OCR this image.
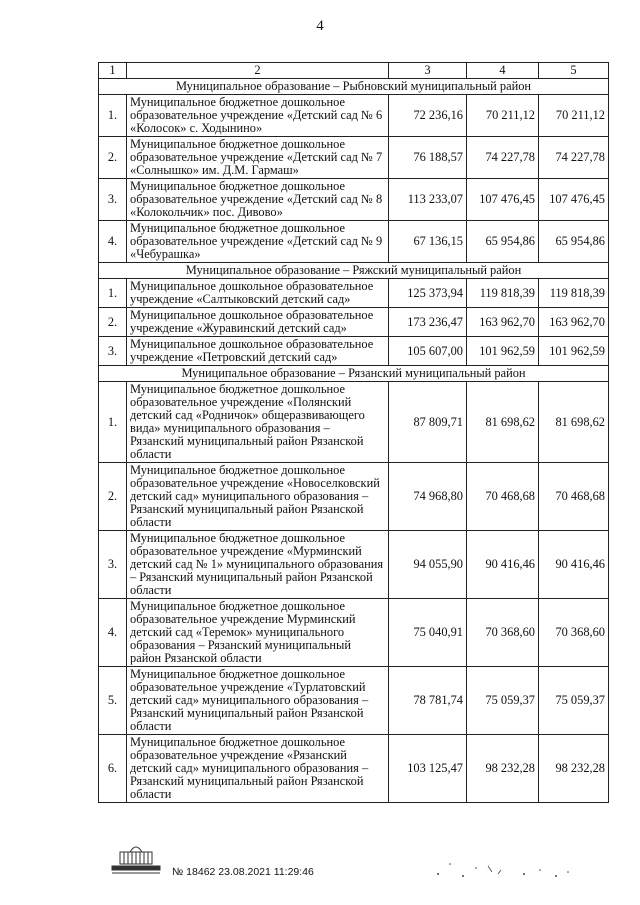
4
1	2	3	4	5
Муниципальное образование – Рыбновский муниципальный район				
1.	Муниципальное бюджетное дошкольное образовательное учреждение «Детский сад № 6 «Колосок» с. Ходынино»	72 236,16	70 211,12	70 211,12
2.	Муниципальное бюджетное дошкольное образовательное учреждение «Детский сад № 7 «Солнышко» им. Д.М. Гармаш»	76 188,57	74 227,78	74 227,78
3.	Муниципальное бюджетное дошкольное образовательное учреждение «Детский сад № 8 «Колокольчик» пос. Дивово»	113 233,07	107 476,45	107 476,45
4.	Муниципальное бюджетное дошкольное образовательное учреждение «Детский сад № 9 «Чебурашка»	67 136,15	65 954,86	65 954,86
Муниципальное образование – Ряжский муниципальный район				
1.	Муниципальное дошкольное образовательное учреждение «Салтыковский детский сад»	125 373,94	119 818,39	119 818,39
2.	Муниципальное дошкольное образовательное учреждение «Журавинский детский сад»	173 236,47	163 962,70	163 962,70
3.	Муниципальное дошкольное образовательное учреждение «Петровский детский сад»	105 607,00	101 962,59	101 962,59
Муниципальное образование – Рязанский муниципальный район				
1.	Муниципальное бюджетное дошкольное образовательное учреждение «Полянский детский сад «Родничок» общеразвивающего вида» муниципального образования – Рязанский муниципальный район Рязанской области	87 809,71	81 698,62	81 698,62
2.	Муниципальное бюджетное дошкольное образовательное учреждение «Новоселковский детский сад» муниципального образования – Рязанский муниципальный район Рязанской области	74 968,80	70 468,68	70 468,68
3.	Муниципальное бюджетное дошкольное образовательное учреждение «Мурминский детский сад № 1» муниципального образования – Рязанский муниципальный район Рязанской области	94 055,90	90 416,46	90 416,46
4.	Муниципальное бюджетное дошкольное образовательное учреждение Мурминский детский сад «Теремок» муниципального образования – Рязанский муниципальный район Рязанской области	75 040,91	70 368,60	70 368,60
5.	Муниципальное бюджетное дошкольное образовательное учреждение «Турлатовский детский сад» муниципального образования – Рязанский муниципальный район Рязанской области	78 781,74	75 059,37	75 059,37
6.	Муниципальное бюджетное дошкольное образовательное учреждение «Рязанский детский сад» муниципального образования – Рязанский муниципальный район Рязанской области	103 125,47	98 232,28	98 232,28
№ 18462 23.08.2021 11:29:46
